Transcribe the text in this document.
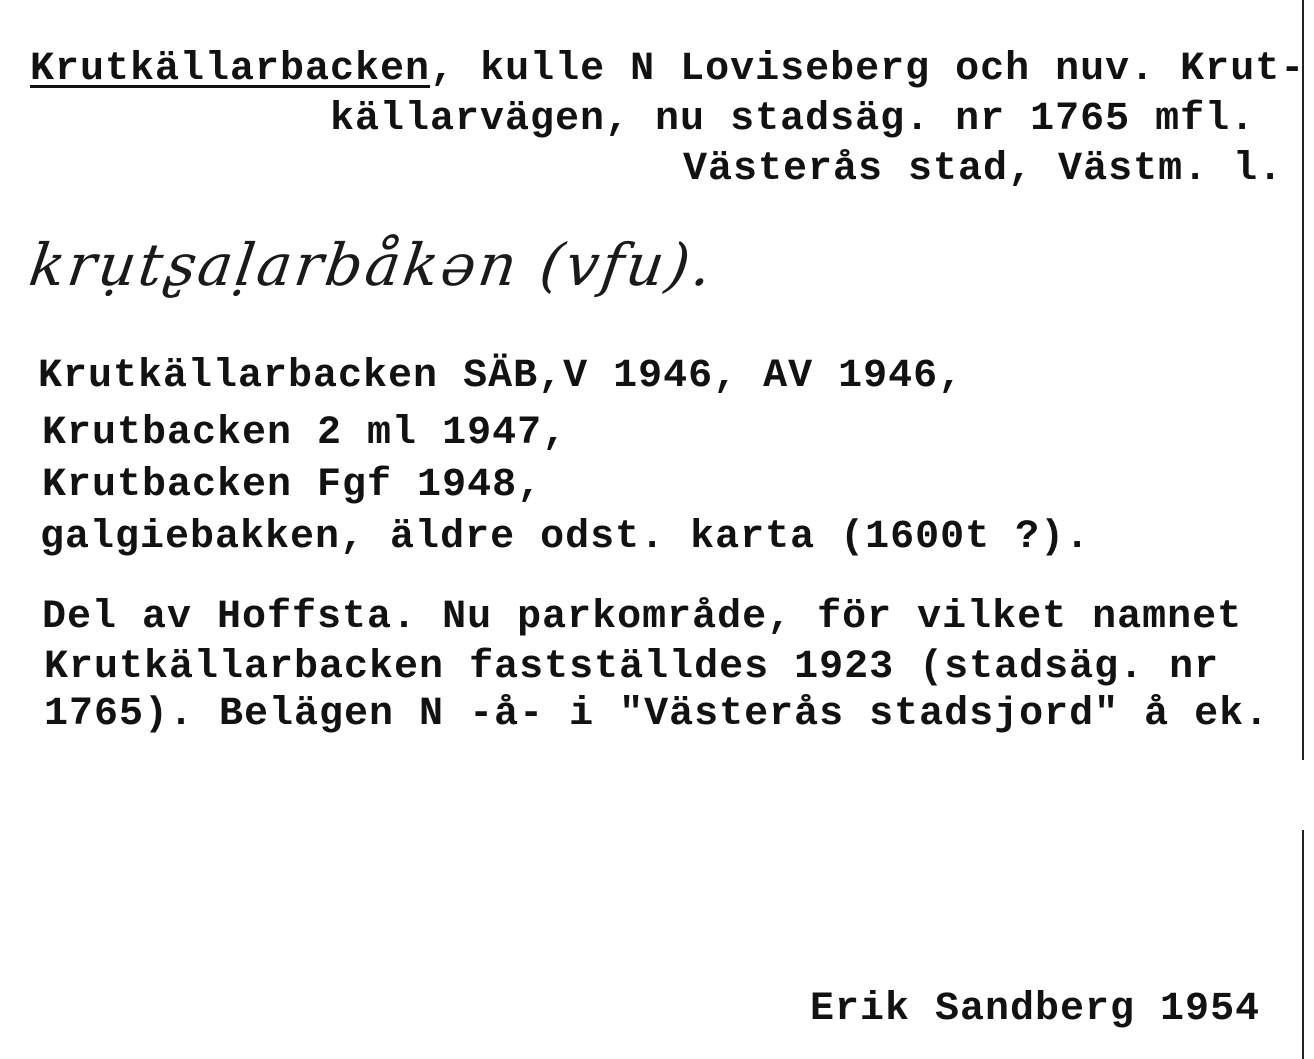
Krutkällarbacken, kulle N Loviseberg och nuv. Krut-
källarvägen, nu stadsäg. nr 1765 mfl.
Västerås stad, Västm. l.
krụtʂaḷarbåkən (vfu).
Krutkällarbacken SÄB,V 1946, AV 1946,
Krutbacken 2 ml 1947,
Krutbacken Fgf 1948,
galgiebakken, äldre odst. karta (1600t ?).
Del av Hoffsta. Nu parkområde, för vilket namnet
Krutkällarbacken fastställdes 1923 (stadsäg. nr
1765). Belägen N -å- i "Västerås stadsjord" å ek.
Erik Sandberg 1954
